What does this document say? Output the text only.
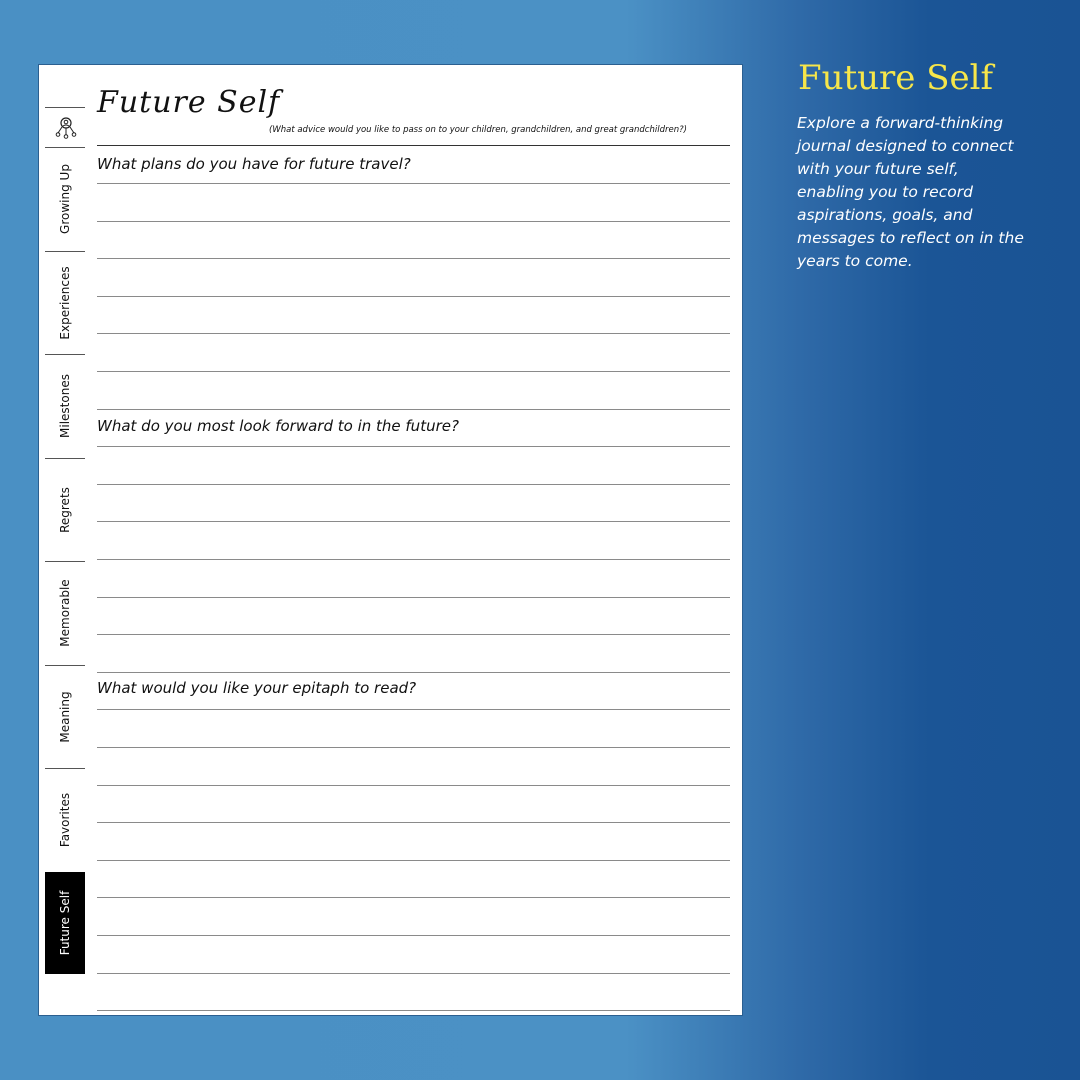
Growing Up
Experiences
Milestones
Regrets
Memorable
Meaning
Favorites
Future Self
Future Self
(What advice would you like to pass on to your children, grandchildren, and great grandchildren?)
What plans do you have for future travel?
What do you most look forward to in the future?
What would you like your epitaph to read?
Future Self
Explore a forward-thinking journal designed to connect with your future self, enabling you to record aspirations, goals, and messages to reflect on in the years to come.
